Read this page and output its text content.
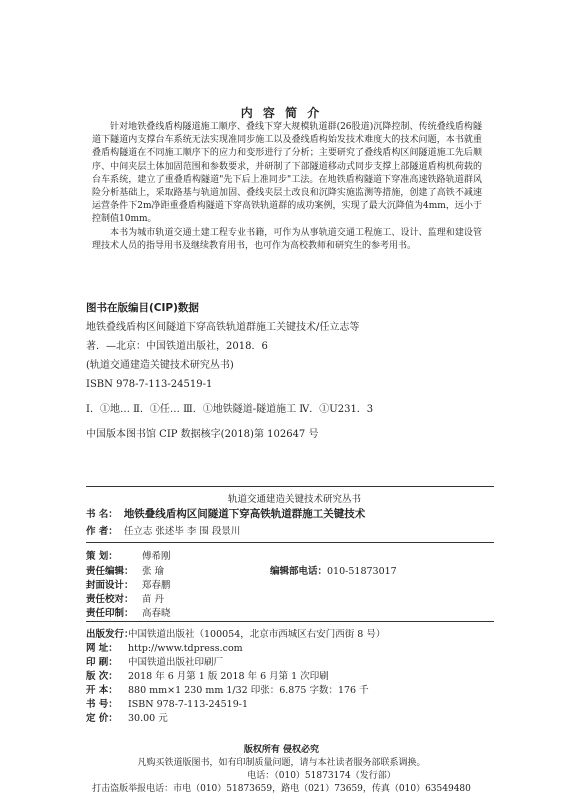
内 容 简 介

针对地铁叠线盾构隧道施工顺序、叠线下穿大规模轨道群(26股道)沉降控制、传统叠线盾构隧道下隧道内支撑台车系统无法实现准同步施工以及叠线盾构始发技术难度大的技术问题，本书就重叠盾构隧道在不同施工顺序下的应力和变形进行了分析；主要研究了叠线盾构区间隧道施工先后顺序、中间夹层土体加固范围和参数要求，并研制了下部隧道移动式同步支撑上部隧道盾构机荷载的台车系统，建立了重叠盾构隧道"先下后上准同步"工法。在地铁盾构隧道下穿准高速铁路轨道群风险分析基础上，采取路基与轨道加固、叠线夹层土改良和沉降实施监测等措施，创建了高铁不减速运营条件下2m净距重叠盾构隧道下穿高铁轨道群的成功案例，实现了最大沉降值为4mm，远小于控制值10mm。

本书为城市轨道交通土建工程专业书籍，可作为从事轨道交通工程施工、设计、监理和建设管理技术人员的指导用书及继续教育用书，也可作为高校教师和研究生的参考用书。

图书在版编目(CIP)数据
地铁叠线盾构区间隧道下穿高铁轨道群施工关键技术/任立志等
著．—北京：中国铁道出版社，2018．6
(轨道交通建造关键技术研究丛书)
ISBN 978-7-113-24519-1
Ⅰ．①地… Ⅱ．①任… Ⅲ．①地铁隧道-隧道施工 Ⅳ．①U231．3
中国版本图书馆 CIP 数据核字(2018)第 102647 号
轨道交通建造关键技术研究丛书
书 名： 地铁叠线盾构区间隧道下穿高铁轨道群施工关键技术
作 者： 任立志 张述毕 李 围 段景川
策 划：	傅希刚
责任编辑： 张 瑜	编辑部电话：010-51873017
封面设计： 郑春鹏
责任校对： 苗 丹
责任印制： 高春晓
出版发行：中国铁道出版社（100054，北京市西城区右安门西街 8 号）
网 址： http://www.tdpress.com
印 刷： 中国铁道出版社印刷厂
版 次： 2018 年 6 月第 1 版 2018 年 6 月第 1 次印刷
开 本： 880 mm×1 230 mm 1/32 印张：6.875 字数：176 千
书 号： ISBN 978-7-113-24519-1
定 价： 30.00 元
版权所有 侵权必究
凡购买铁道版图书，如有印制质量问题，请与本社读者服务部联系调换。
电话：（010）51873174（发行部）
打击盗版举报电话：市电（010）51873659，路电（021）73659，传真（010）63549480
